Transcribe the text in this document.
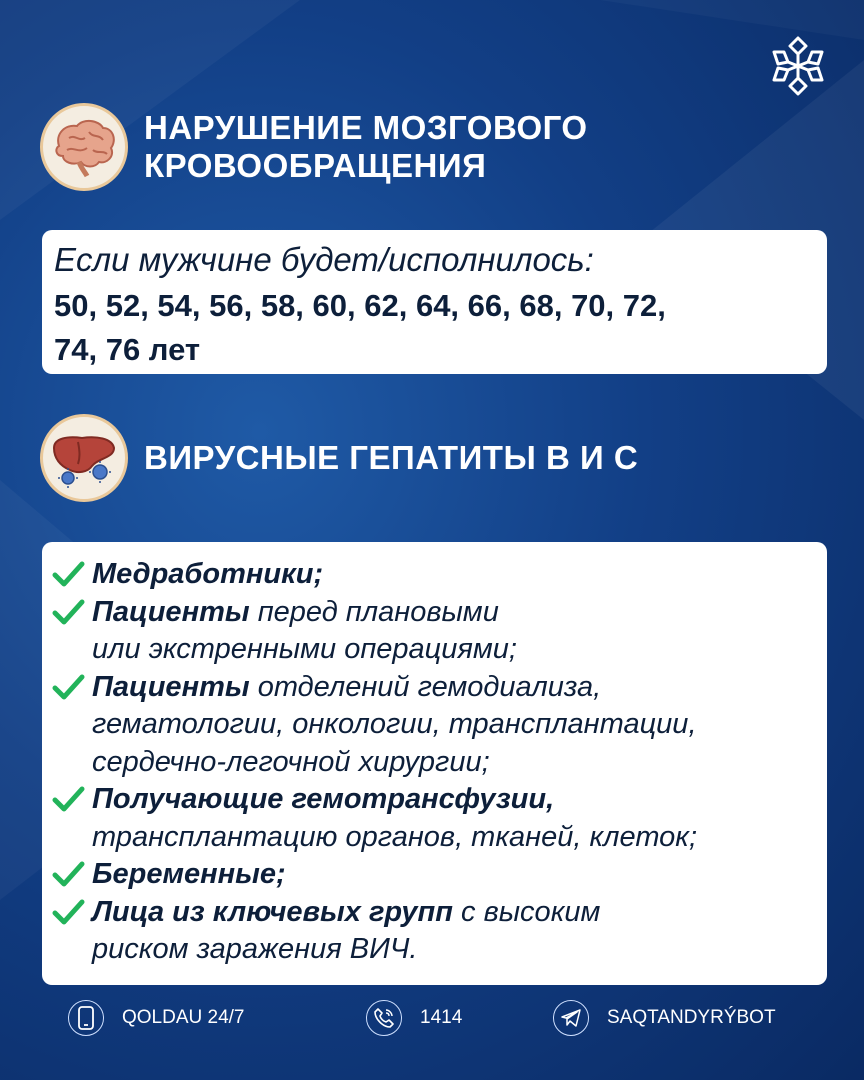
НАРУШЕНИЕ МОЗГОВОГО
КРОВООБРАЩЕНИЯ
Если мужчине будет/исполнилось:
50, 52, 54, 56, 58, 60, 62, 64, 66, 68, 70, 72,
74, 76 лет
ВИРУСНЫЕ ГЕПАТИТЫ В И С
Медработники;
Пациенты перед плановыми
или экстренными операциями;
Пациенты отделений гемодиализа,
гематологии, онкологии, трансплантации,
сердечно-легочной хирургии;
Получающие гемотрансфузии,
трансплантацию органов, тканей, клеток;
Беременные;
Лица из ключевых групп с высоким
риском заражения ВИЧ.
QOLDAU 24/7	1414	SAQTANDYRÝBOT
